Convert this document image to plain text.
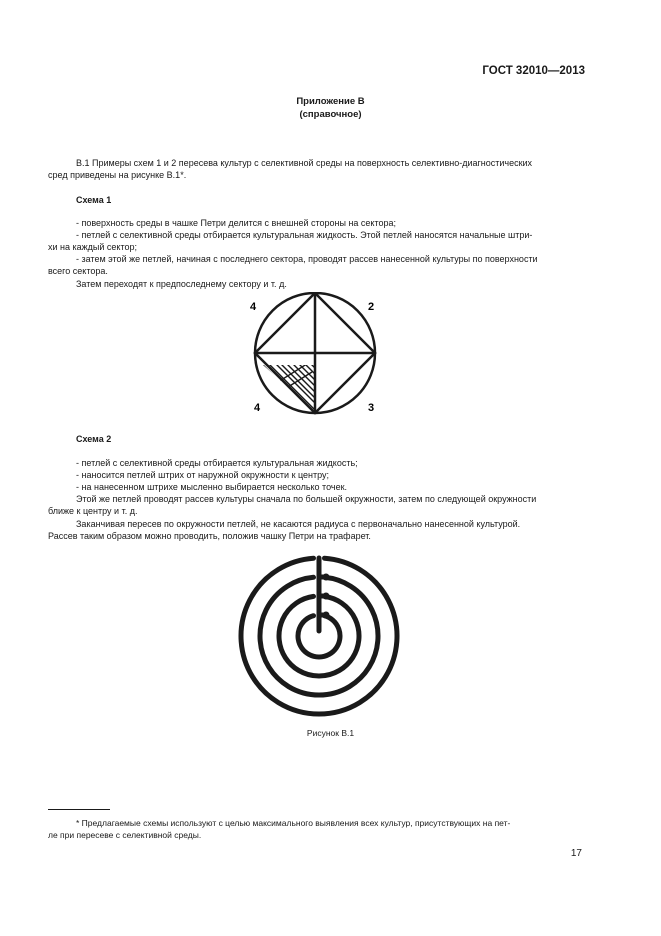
ГОСТ 32010—2013
Приложение В
(справочное)
В.1 Примеры схем 1 и 2 пересева культур с селективной среды на поверхность селективно-диагностических
сред приведены на рисунке В.1*.
Схема 1
- поверхность среды в чашке Петри делится с внешней стороны на сектора;
- петлей с селективной среды отбирается культуральная жидкость. Этой петлей наносятся начальные штри-
хи на каждый сектор;
- затем этой же петлей, начиная с последнего сектора, проводят рассев нанесенной культуры по поверхности
всего сектора.
Затем переходят к предпоследнему сектору и т. д.
4	2
4	3
Схема 2
- петлей с селективной среды отбирается культуральная жидкость;
- наносится петлей штрих от наружной окружности к центру;
- на нанесенном штрихе мысленно выбирается несколько точек.
Этой же петлей проводят рассев культуры сначала по большей окружности, затем по следующей окружности
ближе к центру и т. д.
Заканчивая пересев по окружности петлей, не касаются радиуса с первоначально нанесенной культурой.
Рассев таким образом можно проводить, положив чашку Петри на трафарет.
Рисунок В.1
* Предлагаемые схемы используют с целью максимального выявления всех культур, присутствующих на пет-
ле при пересеве с селективной среды.
17
